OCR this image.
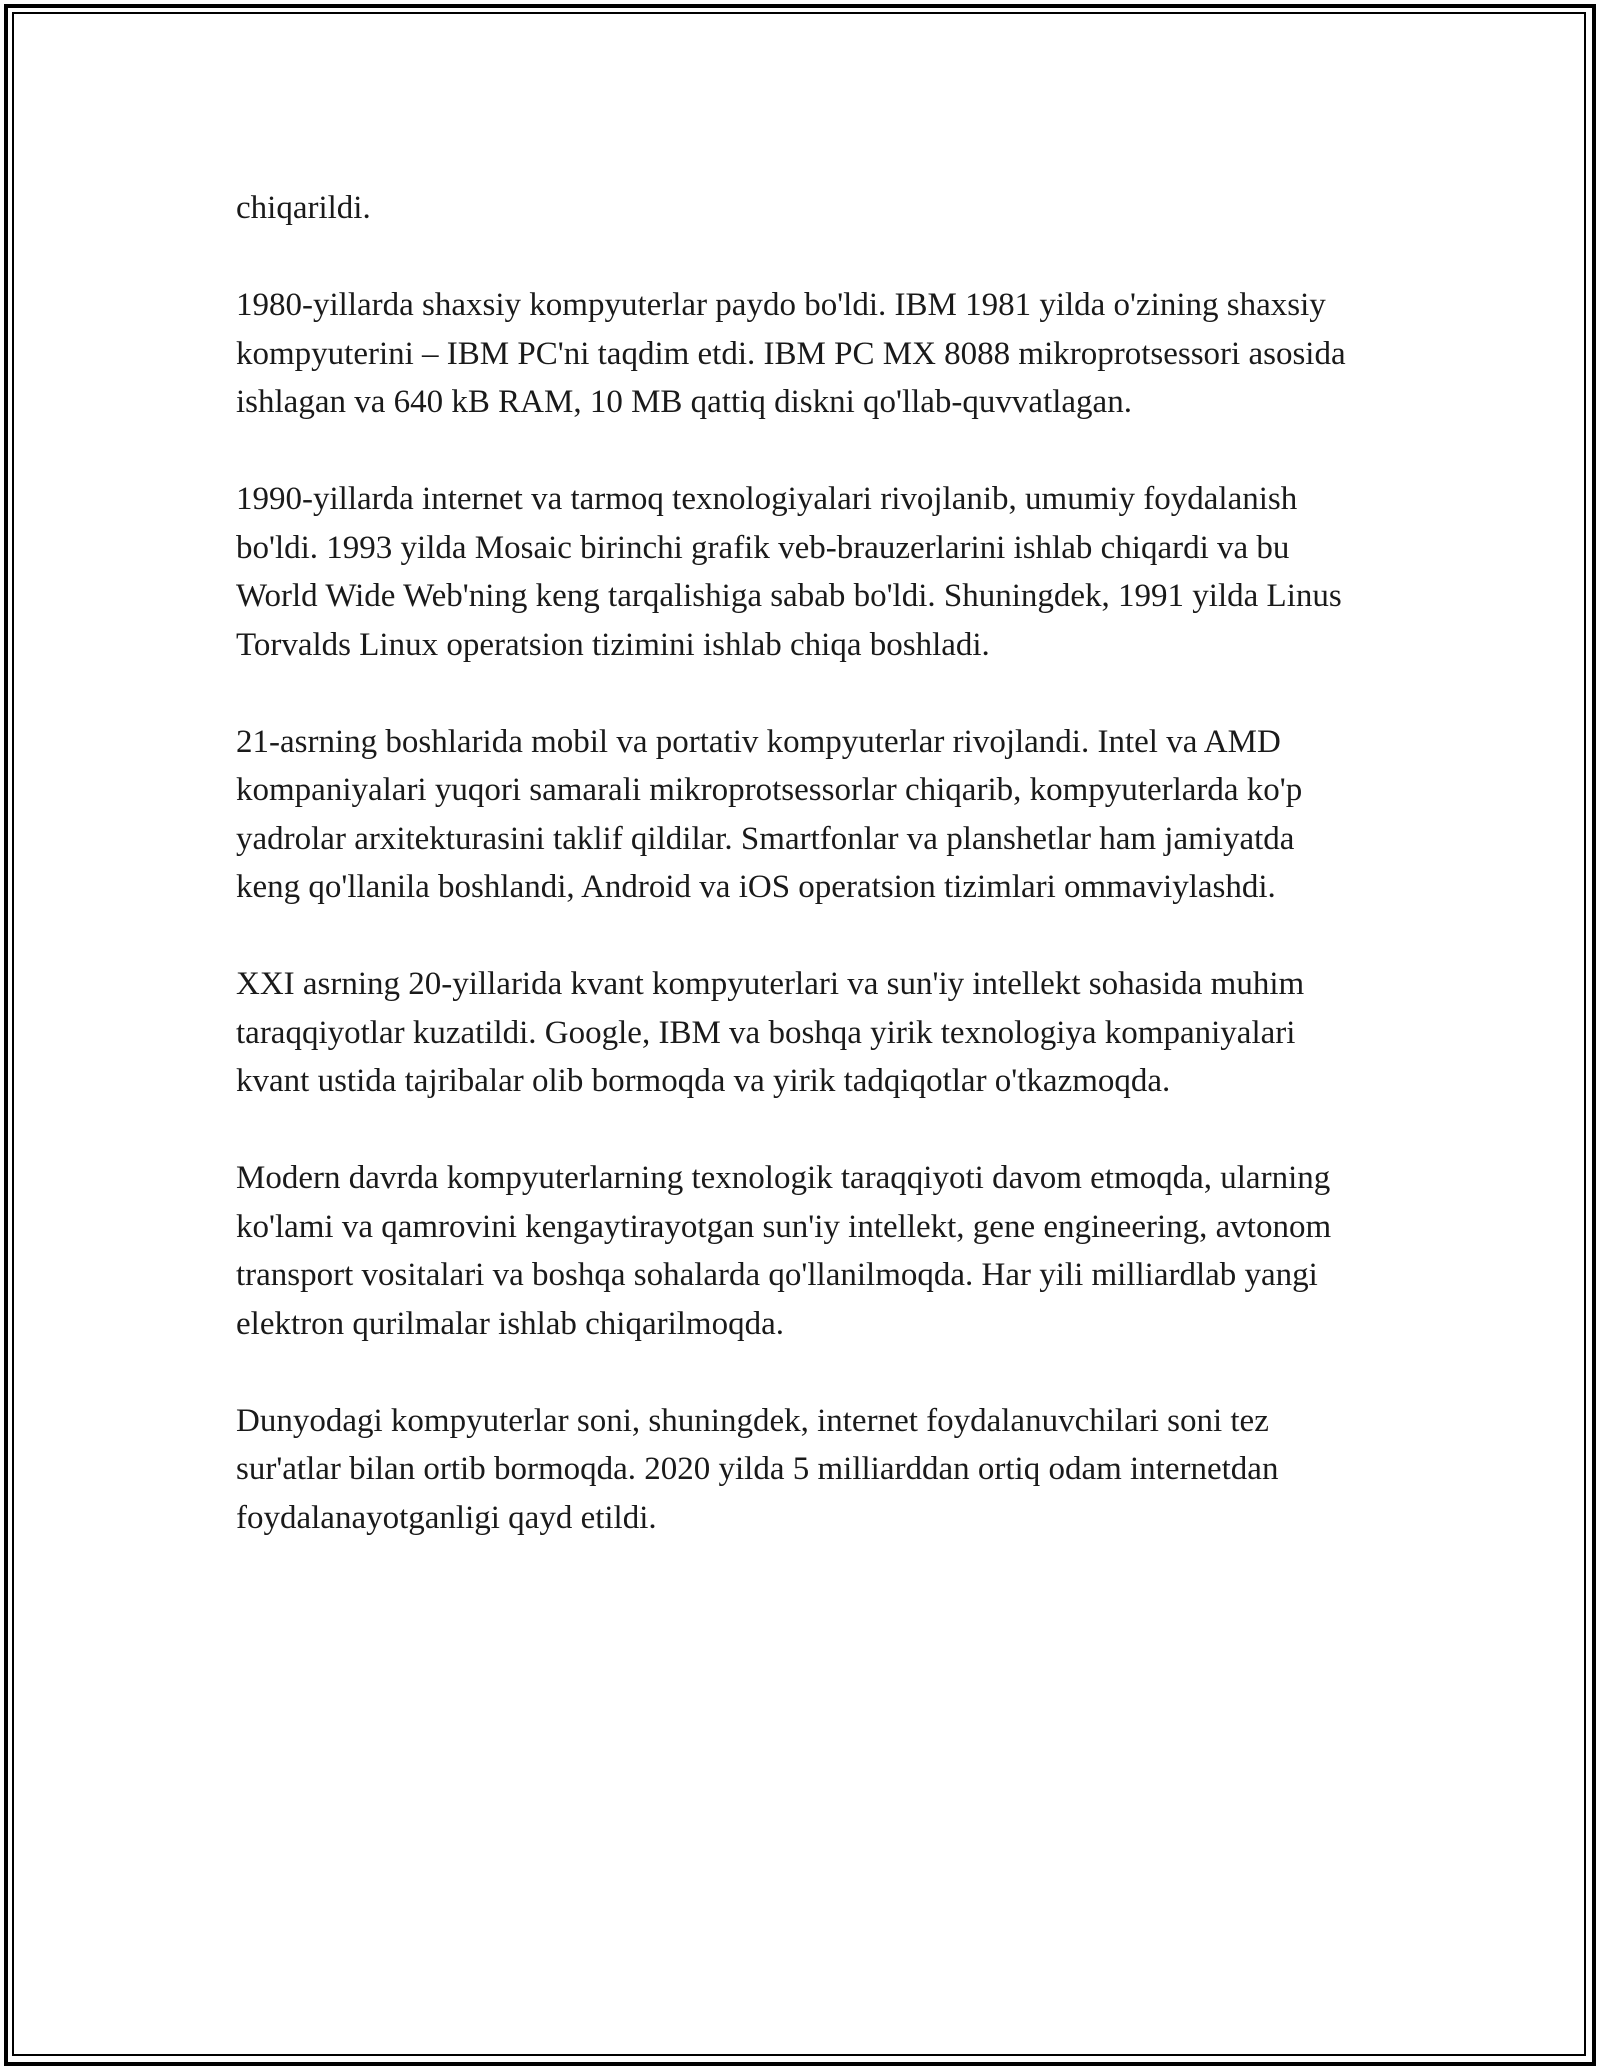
chiqarildi.

1980-yillarda shaxsiy kompyuterlar paydo bo'ldi. IBM 1981 yilda o'zining shaxsiy kompyuterini – IBM PC'ni taqdim etdi. IBM PC MX 8088 mikroprotsessori asosida ishlagan va 640 kB RAM, 10 MB qattiq diskni qo'llab-quvvatlagan.

1990-yillarda internet va tarmoq texnologiyalari rivojlanib, umumiy foydalanish bo'ldi. 1993 yilda Mosaic birinchi grafik veb-brauzerlarini ishlab chiqardi va bu World Wide Web'ning keng tarqalishiga sabab bo'ldi. Shuningdek, 1991 yilda Linus Torvalds Linux operatsion tizimini ishlab chiqa boshladi.

21-asrning boshlarida mobil va portativ kompyuterlar rivojlandi. Intel va AMD kompaniyalari yuqori samarali mikroprotsessorlar chiqarib, kompyuterlarda ko'p yadrolar arxitekturasini taklif qildilar. Smartfonlar va planshetlar ham jamiyatda keng qo'llanila boshlandi, Android va iOS operatsion tizimlari ommaviylashdi.

XXI asrning 20-yillarida kvant kompyuterlari va sun'iy intellekt sohasida muhim taraqqiyotlar kuzatildi. Google, IBM va boshqa yirik texnologiya kompaniyalari kvant ustida tajribalar olib bormoqda va yirik tadqiqotlar o'tkazmoqda.

Modern davrda kompyuterlarning texnologik taraqqiyoti davom etmoqda, ularning ko'lami va qamrovini kengaytirayotgan sun'iy intellekt, gene engineering, avtonom transport vositalari va boshqa sohalarda qo'llanilmoqda. Har yili milliardlab yangi elektron qurilmalar ishlab chiqarilmoqda.

Dunyodagi kompyuterlar soni, shuningdek, internet foydalanuvchilari soni tez sur'atlar bilan ortib bormoqda. 2020 yilda 5 milliarddan ortiq odam internetdan foydalanayotganligi qayd etildi.
